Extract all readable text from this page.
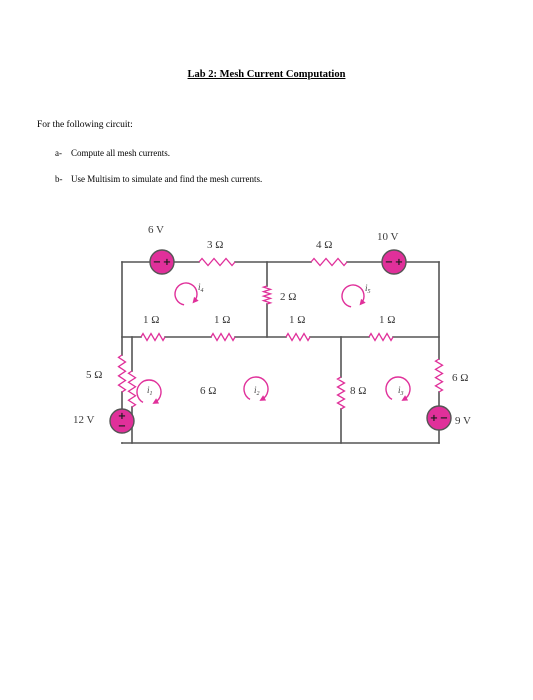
Lab 2: Mesh Current Computation
For the following circuit:
a- Compute all mesh currents.
b- Use Multisim to simulate and find the mesh currents.
− +	− +
+
−
+ −
6 V
10 V
3 Ω	4 Ω
2 Ω
1 Ω	1 Ω	1 Ω	1 Ω
5 Ω
6 Ω	8 Ω
6 Ω
12 V	9 V
$i_4$	$i_5$
$i_1$	$i_2$	$i_3$
